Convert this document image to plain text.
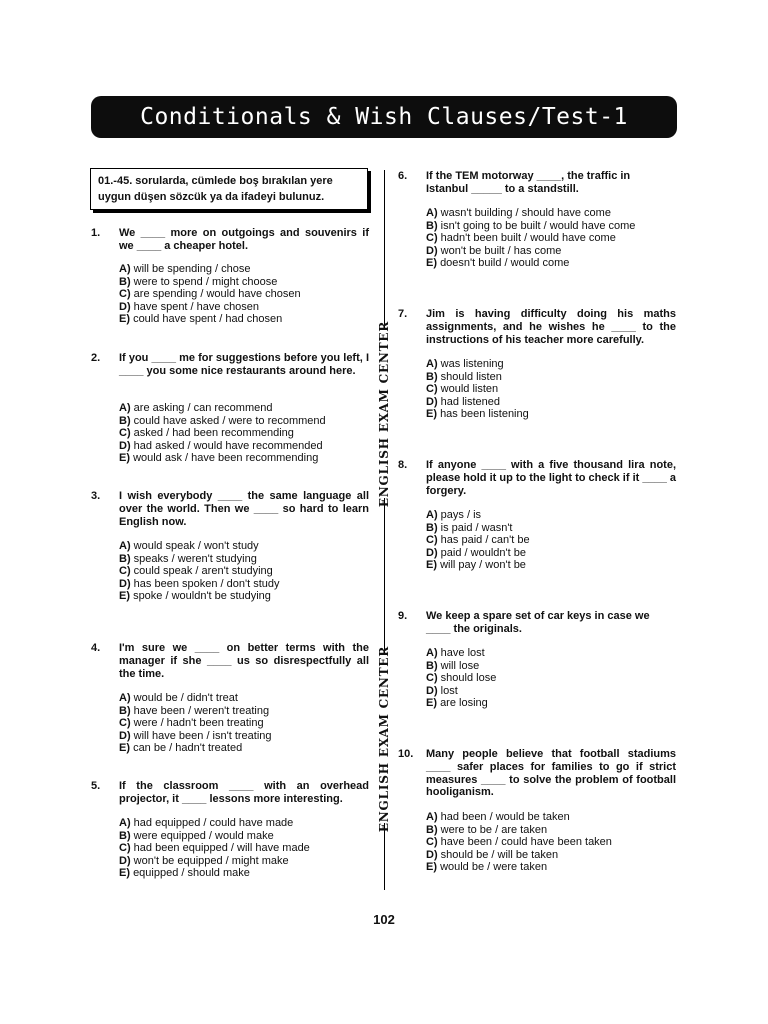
Conditionals & Wish Clauses/Test-1
01.-45. sorularda, cümlede boş bırakılan yere uygun düşen sözcük ya da ifadeyi bulunuz.
ENGLISH EXAM CENTER
ENGLISH EXAM CENTER
1. We ____ more on outgoings and souvenirs if we ____ a cheaper hotel.
A) will be spending / chose
B) were to spend / might choose
C) are spending / would have chosen
D) have spent / have chosen
E) could have spent / had chosen
2. If you ____ me for suggestions before you left, I ____ you some nice restaurants around here.
A) are asking / can recommend
B) could have asked / were to recommend
C) asked / had been recommending
D) had asked / would have recommended
E) would ask / have been recommending
3. I wish everybody ____ the same language all over the world. Then we ____ so hard to learn English now.
A) would speak / won't study
B) speaks / weren't studying
C) could speak / aren't studying
D) has been spoken / don't study
E) spoke / wouldn't be studying
4. I'm sure we ____ on better terms with the manager if she ____ us so disrespectfully all the time.
A) would be / didn't treat
B) have been / weren't treating
C) were / hadn't been treating
D) will have been / isn't treating
E) can be / hadn't treated
5. If the classroom ____ with an overhead projector, it ____ lessons more interesting.
A) had equipped / could have made
B) were equipped / would make
C) had been equipped / will have made
D) won't be equipped / might make
E) equipped / should make
6. If the TEM motorway ____, the traffic in Istanbul _____ to a standstill.
A) wasn't building / should have come
B) isn't going to be built / would have come
C) hadn't been built / would have come
D) won't be built / has come
E) doesn't build / would come
7. Jim is having difficulty doing his maths assignments, and he wishes he ____ to the instructions of his teacher more carefully.
A) was listening
B) should listen
C) would listen
D) had listened
E) has been listening
8. If anyone ____ with a five thousand lira note, please hold it up to the light to check if it ____ a forgery.
A) pays / is
B) is paid / wasn't
C) has paid / can't be
D) paid / wouldn't be
E) will pay / won't be
9. We keep a spare set of car keys in case we ____ the originals.
A) have lost
B) will lose
C) should lose
D) lost
E) are losing
10. Many people believe that football stadiums ____ safer places for families to go if strict measures ____ to solve the problem of football hooliganism.
A) had been / would be taken
B) were to be / are taken
C) have been / could have been taken
D) should be / will be taken
E) would be / were taken
102
